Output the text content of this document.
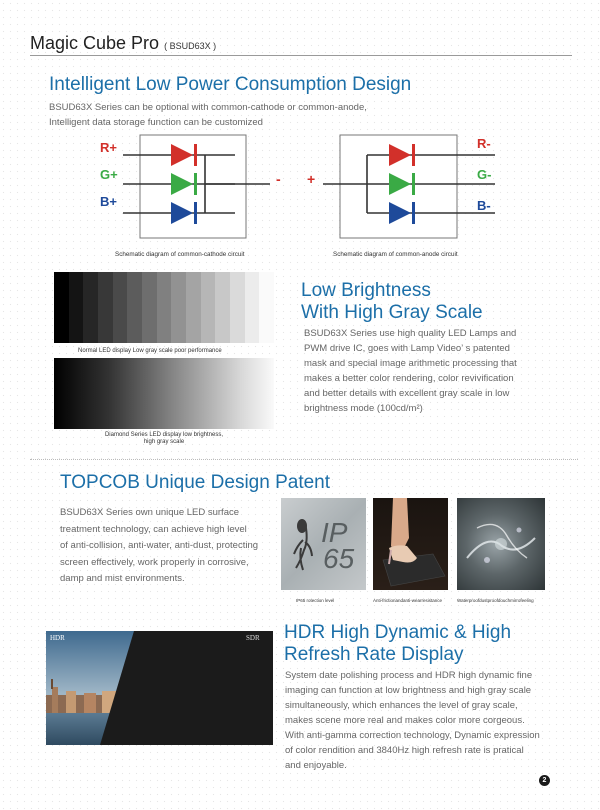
Magic Cube Pro ( BSUD63X )
Intelligent Low Power Consumption Design
BSUD63X Series can be optional with common-cathode or common-anode,
Intelligent data storage function can be customized
R+
G+
B+
-
Schematic diagram of common-cathode circuit
+
R-
G-
B-
Schematic diagram of common-anode circuit
Normal LED display Low gray scale poor performance
Diamond Series LED display low brightness,
high gray scale
Low Brightness
With High Gray Scale
BSUD63X Series use high quality LED Lamps and
PWM drive IC, goes with Lamp Video’ s patented
mask and special image arithmetic processing that
makes a better color rendering, color revivification
and better details with excellent gray scale in low
brightness mode (100cd/m²)
TOPCOB Unique Design Patent
BSUD63X Series own unique LED surface
treatment technology, can achieve high level
of anti-collision, anti-water, anti-dust, protecting
screen effectively, work properly in corrosive,
damp and mist environments.
IP
65
IP65 rotection level	Anti-frictionandanti-wearresistance	Waterproofdustproofdouchmirrofeeling
HDR	SDR HDR High Dynamic & High
Refresh Rate Display
System date polishing process and HDR high dynamic fine
imaging can function at low brightness and high gray scale
simultaneously, which enhances the level of gray scale,
makes scene more real and makes color more corgeous.
With anti-gamma correction technology, Dynamic expression
of color rendition and 3840Hz high refresh rate is pratical
and enjoyable.
2
